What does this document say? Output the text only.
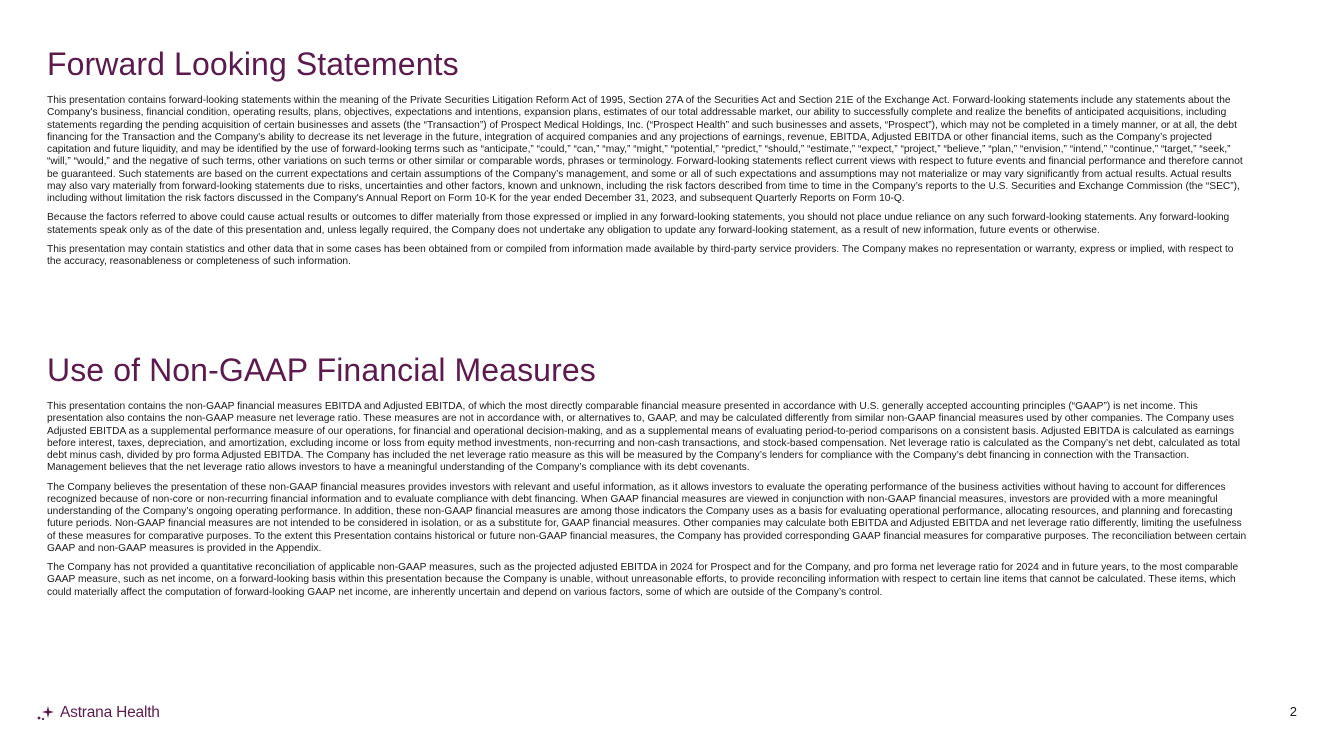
Forward Looking Statements

This presentation contains forward-looking statements within the meaning of the Private Securities Litigation Reform Act of 1995, Section 27A of the Securities Act and Section 21E of the Exchange Act. Forward-looking statements include any statements about the Company's business, financial condition, operating results, plans, objectives, expectations and intentions, expansion plans, estimates of our total addressable market, our ability to successfully complete and realize the benefits of anticipated acquisitions, including statements regarding the pending acquisition of certain businesses and assets (the “Transaction”) of Prospect Medical Holdings, Inc. (“Prospect Health” and such businesses and assets, “Prospect”), which may not be completed in a timely manner, or at all, the debt financing for the Transaction and the Company's ability to decrease its net leverage in the future, integration of acquired companies and any projections of earnings, revenue, EBITDA, Adjusted EBITDA or other financial items, such as the Company’s projected capitation and future liquidity, and may be identified by the use of forward-looking terms such as “anticipate,” “could,” “can,” “may,” “might,” “potential,” “predict,” “should,” “estimate,” “expect,” “project,” “believe,” “plan,” “envision,” “intend,” “continue,” “target,” “seek,” “will,” “would,” and the negative of such terms, other variations on such terms or other similar or comparable words, phrases or terminology. Forward-looking statements reflect current views with respect to future events and financial performance and therefore cannot be guaranteed. Such statements are based on the current expectations and certain assumptions of the Company’s management, and some or all of such expectations and assumptions may not materialize or may vary significantly from actual results. Actual results may also vary materially from forward-looking statements due to risks, uncertainties and other factors, known and unknown, including the risk factors described from time to time in the Company’s reports to the U.S. Securities and Exchange Commission (the “SEC”), including without limitation the risk factors discussed in the Company's Annual Report on Form 10-K for the year ended December 31, 2023, and subsequent Quarterly Reports on Form 10-Q.

Because the factors referred to above could cause actual results or outcomes to differ materially from those expressed or implied in any forward-looking statements, you should not place undue reliance on any such forward-looking statements. Any forward-looking statements speak only as of the date of this presentation and, unless legally required, the Company does not undertake any obligation to update any forward-looking statement, as a result of new information, future events or otherwise.

This presentation may contain statistics and other data that in some cases has been obtained from or compiled from information made available by third-party service providers. The Company makes no representation or warranty, express or implied, with respect to the accuracy, reasonableness or completeness of such information.

Use of Non-GAAP Financial Measures

This presentation contains the non-GAAP financial measures EBITDA and Adjusted EBITDA, of which the most directly comparable financial measure presented in accordance with U.S. generally accepted accounting principles (“GAAP”) is net income. This presentation also contains the non-GAAP measure net leverage ratio. These measures are not in accordance with, or alternatives to, GAAP, and may be calculated differently from similar non-GAAP financial measures used by other companies. The Company uses Adjusted EBITDA as a supplemental performance measure of our operations, for financial and operational decision-making, and as a supplemental means of evaluating period-to-period comparisons on a consistent basis. Adjusted EBITDA is calculated as earnings before interest, taxes, depreciation, and amortization, excluding income or loss from equity method investments, non-recurring and non-cash transactions, and stock-based compensation. Net leverage ratio is calculated as the Company’s net debt, calculated as total debt minus cash, divided by pro forma Adjusted EBITDA. The Company has included the net leverage ratio measure as this will be measured by the Company’s lenders for compliance with the Company’s debt financing in connection with the Transaction. Management believes that the net leverage ratio allows investors to have a meaningful understanding of the Company’s compliance with its debt covenants.

The Company believes the presentation of these non-GAAP financial measures provides investors with relevant and useful information, as it allows investors to evaluate the operating performance of the business activities without having to account for differences recognized because of non-core or non-recurring financial information and to evaluate compliance with debt financing. When GAAP financial measures are viewed in conjunction with non-GAAP financial measures, investors are provided with a more meaningful understanding of the Company’s ongoing operating performance. In addition, these non-GAAP financial measures are among those indicators the Company uses as a basis for evaluating operational performance, allocating resources, and planning and forecasting future periods. Non-GAAP financial measures are not intended to be considered in isolation, or as a substitute for, GAAP financial measures. Other companies may calculate both EBITDA and Adjusted EBITDA and net leverage ratio differently, limiting the usefulness of these measures for comparative purposes. To the extent this Presentation contains historical or future non-GAAP financial measures, the Company has provided corresponding GAAP financial measures for comparative purposes. The reconciliation between certain GAAP and non-GAAP measures is provided in the Appendix.

The Company has not provided a quantitative reconciliation of applicable non-GAAP measures, such as the projected adjusted EBITDA in 2024 for Prospect and for the Company, and pro forma net leverage ratio for 2024 and in future years, to the most comparable GAAP measure, such as net income, on a forward-looking basis within this presentation because the Company is unable, without unreasonable efforts, to provide reconciling information with respect to certain line items that cannot be calculated. These items, which could materially affect the computation of forward-looking GAAP net income, are inherently uncertain and depend on various factors, some of which are outside of the Company’s control.

Astrana Health	2
